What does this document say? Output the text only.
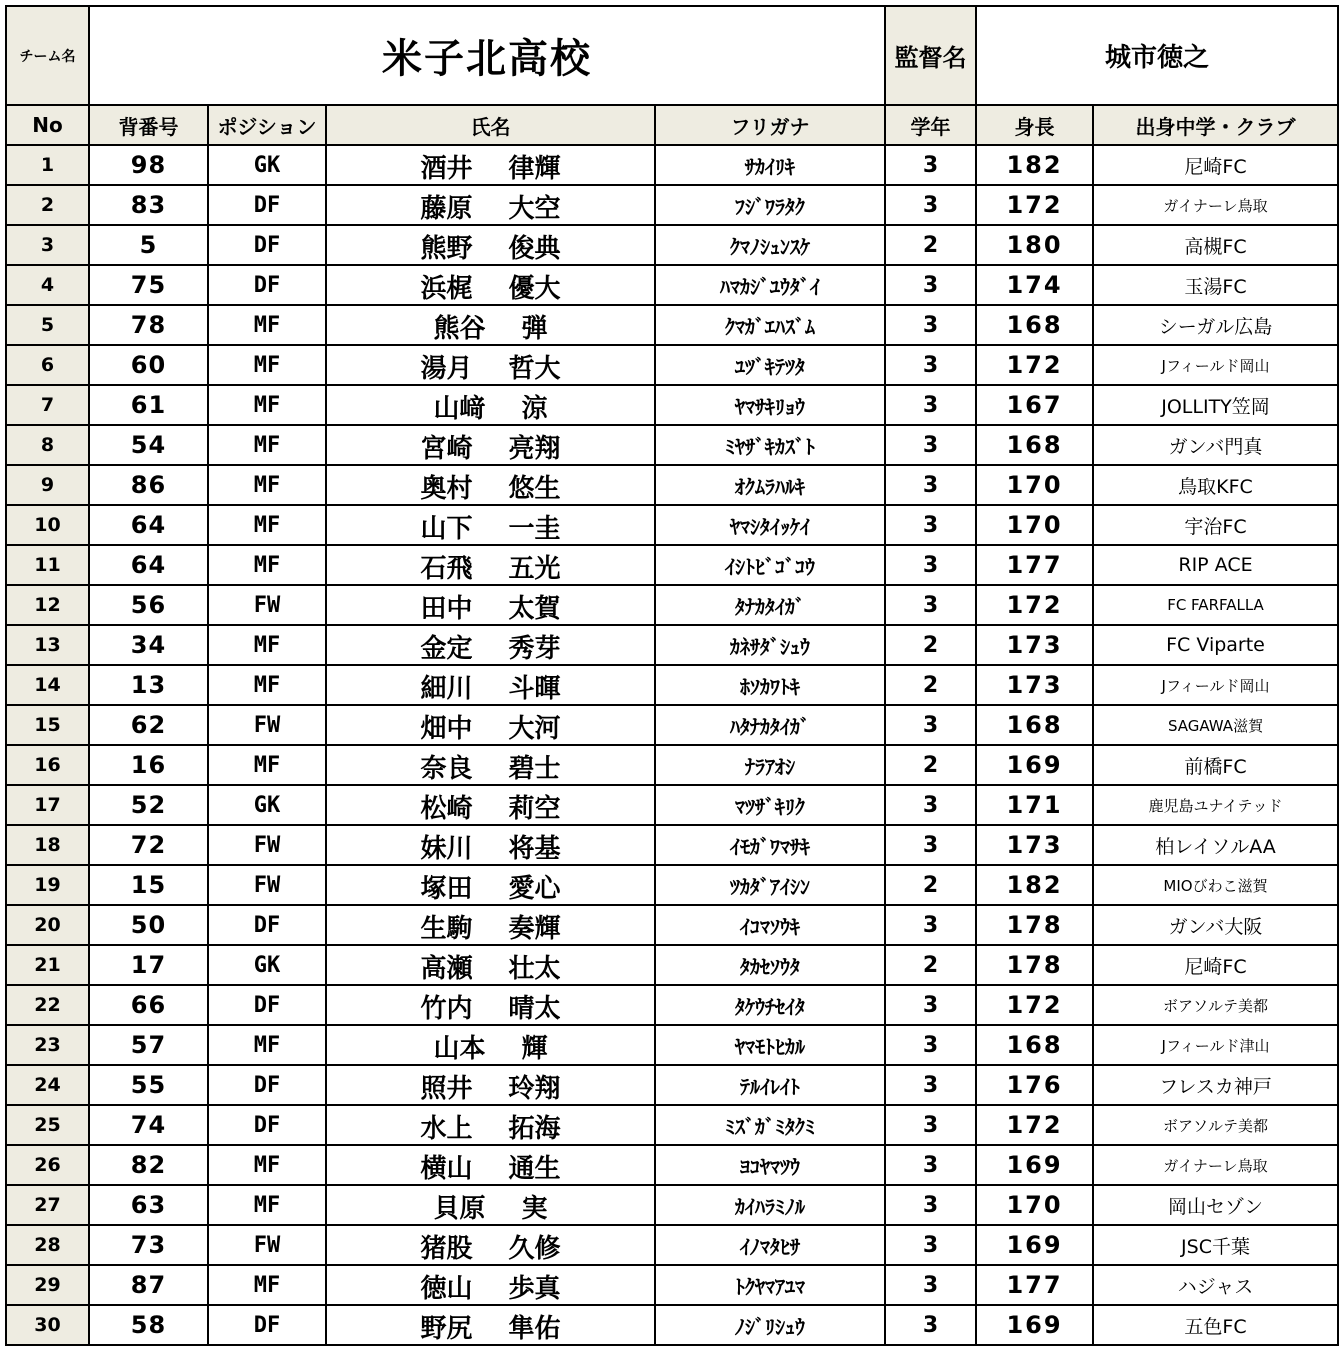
チーム名	米子北高校				監督名	城市徳之	
No	背番号	ポジション	氏名	フリガナ	学年	身長	出身中学・クラブ
1	98	GK	酒井 律輝	ｻｶｲﾘｷ	3	182	尼崎FC
2	83	DF	藤原 大空	ﾌｼﾞﾜﾗﾀｸ	3	172	ガイナーレ鳥取
3	5	DF	熊野 俊典	ｸﾏﾉｼｭﾝｽｹ	2	180	高槻FC
4	75	DF	浜梶 優大	ﾊﾏｶｼﾞﾕｳﾀﾞｲ	3	174	玉湯FC
5	78	MF	熊谷 弾	ｸﾏｶﾞｴﾊｽﾞﾑ	3	168	シーガル広島
6	60	MF	湯月 哲大	ﾕﾂﾞｷﾃﾂﾀ	3	172	Jフィールド岡山
7	61	MF	山﨑 涼	ﾔﾏｻｷﾘｮｳ	3	167	JOLLITY笠岡
8	54	MF	宮崎 亮翔	ﾐﾔｻﾞｷｶｽﾞﾄ	3	168	ガンバ門真
9	86	MF	奥村 悠生	ｵｸﾑﾗﾊﾙｷ	3	170	鳥取KFC
10	64	MF	山下 一圭	ﾔﾏｼﾀｲｯｹｲ	3	170	宇治FC
11	64	MF	石飛 五光	ｲｼﾄﾋﾞｺﾞｺｳ	3	177	RIP ACE
12	56	FW	田中 太賀	ﾀﾅｶﾀｲｶﾞ	3	172	FC FARFALLA
13	34	MF	金定 秀芽	ｶﾈｻﾀﾞｼｭｳ	2	173	FC Viparte
14	13	MF	細川 斗暉	ﾎｿｶﾜﾄｷ	2	173	Jフィールド岡山
15	62	FW	畑中 大河	ﾊﾀﾅｶﾀｲｶﾞ	3	168	SAGAWA滋賀
16	16	MF	奈良 碧士	ﾅﾗｱｵｼ	2	169	前橋FC
17	52	GK	松崎 莉空	ﾏﾂｻﾞｷﾘｸ	3	171	鹿児島ユナイテッド
18	72	FW	妹川 将基	ｲﾓｶﾞﾜﾏｻｷ	3	173	柏レイソルAA
19	15	FW	塚田 愛心	ﾂｶﾀﾞｱｲｼﾝ	2	182	MIOびわこ滋賀
20	50	DF	生駒 奏輝	ｲｺﾏｿｳｷ	3	178	ガンバ大阪
21	17	GK	高瀬 壮太	ﾀｶｾｿｳﾀ	2	178	尼崎FC
22	66	DF	竹内 晴太	ﾀｹｳﾁｾｲﾀ	3	172	ボアソルテ美都
23	57	MF	山本 輝	ﾔﾏﾓﾄﾋｶﾙ	3	168	Jフィールド津山
24	55	DF	照井 玲翔	ﾃﾙｲﾚｲﾄ	3	176	フレスカ神戸
25	74	DF	水上 拓海	ﾐｽﾞｶﾞﾐﾀｸﾐ	3	172	ボアソルテ美都
26	82	MF	横山 通生	ﾖｺﾔﾏﾂｳ	3	169	ガイナーレ鳥取
27	63	MF	貝原 実	ｶｲﾊﾗﾐﾉﾙ	3	170	岡山セゾン
28	73	FW	猪股 久修	ｲﾉﾏﾀﾋｻ	3	169	JSC千葉
29	87	MF	徳山 歩真	ﾄｸﾔﾏｱﾕﾏ	3	177	ハジャス
30	58	DF	野尻 隼佑	ﾉｼﾞﾘｼｭｳ	3	169	五色FC
